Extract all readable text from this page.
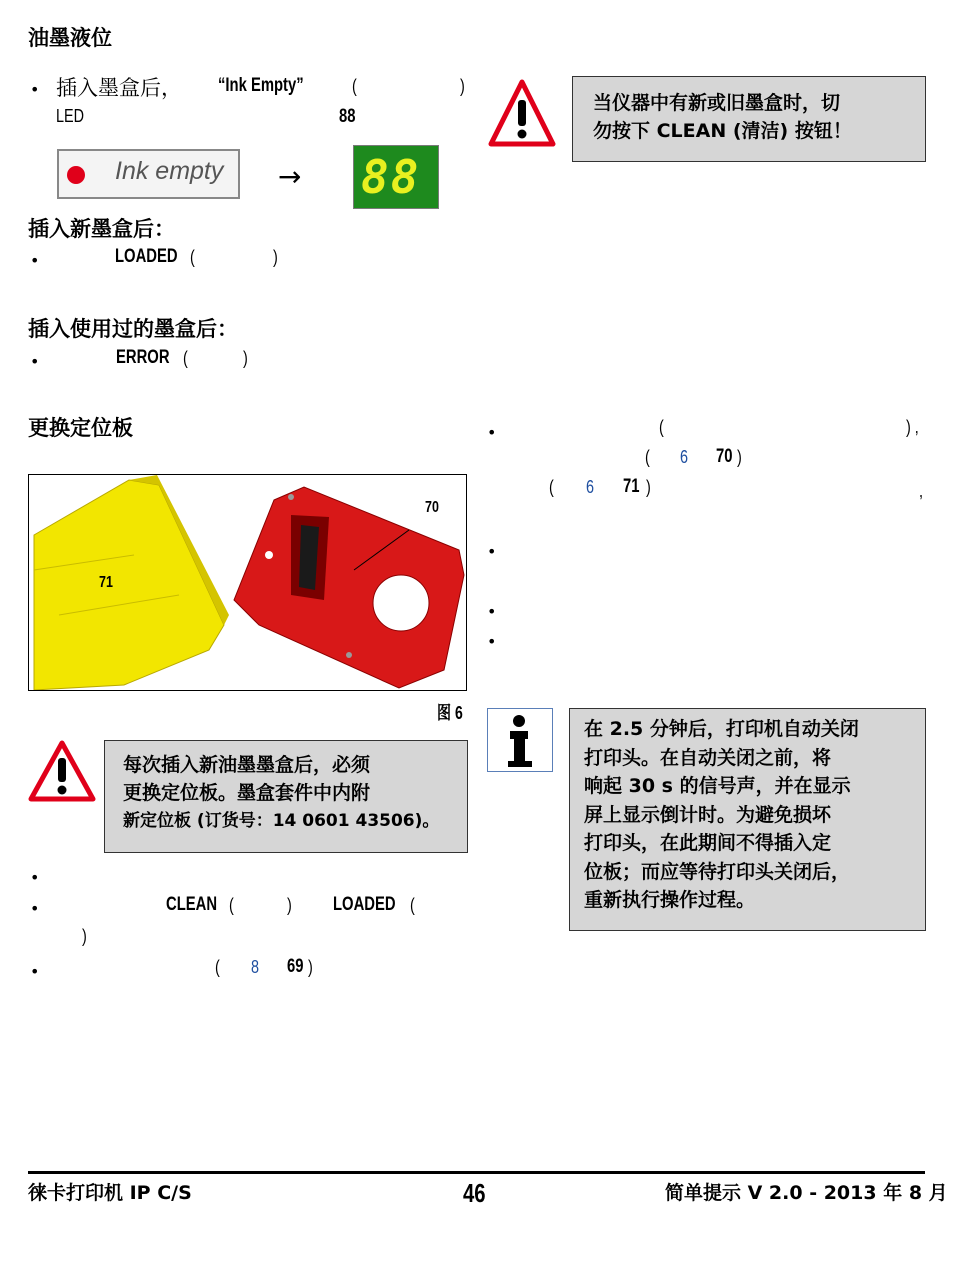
油墨液位
• 插入墨盒后， “Ink Empty”	(	)
LED	88
Ink empty → 88
插入新墨盒后：
•	LOADED (	)
插入使用过的墨盒后：
•	ERROR (	)
更换定位板
70
71
图 6
每次插入新油墨墨盒后，必须
更换定位板。墨盒套件中内附
新定位板 (订货号：14 0601 43506)。
•
•	CLEAN (	) LOADED (
)
•	( 8 69 )
当仪器中有新或旧墨盒时，切
勿按下 CLEAN (清洁) 按钮！
•	(	) ,
( 6 70 )
( 6 71 )	,
•
•
•
在 2.5 分钟后，打印机自动关闭
打印头。在自动关闭之前，将
响起 30 s 的信号声，并在显示
屏上显示倒计时。为避免损坏
打印头，在此期间不得插入定
位板；而应等待打印头关闭后，
重新执行操作过程。
徕卡打印机 IP C/S	46	简单提示 V 2.0 - 2013 年 8 月
